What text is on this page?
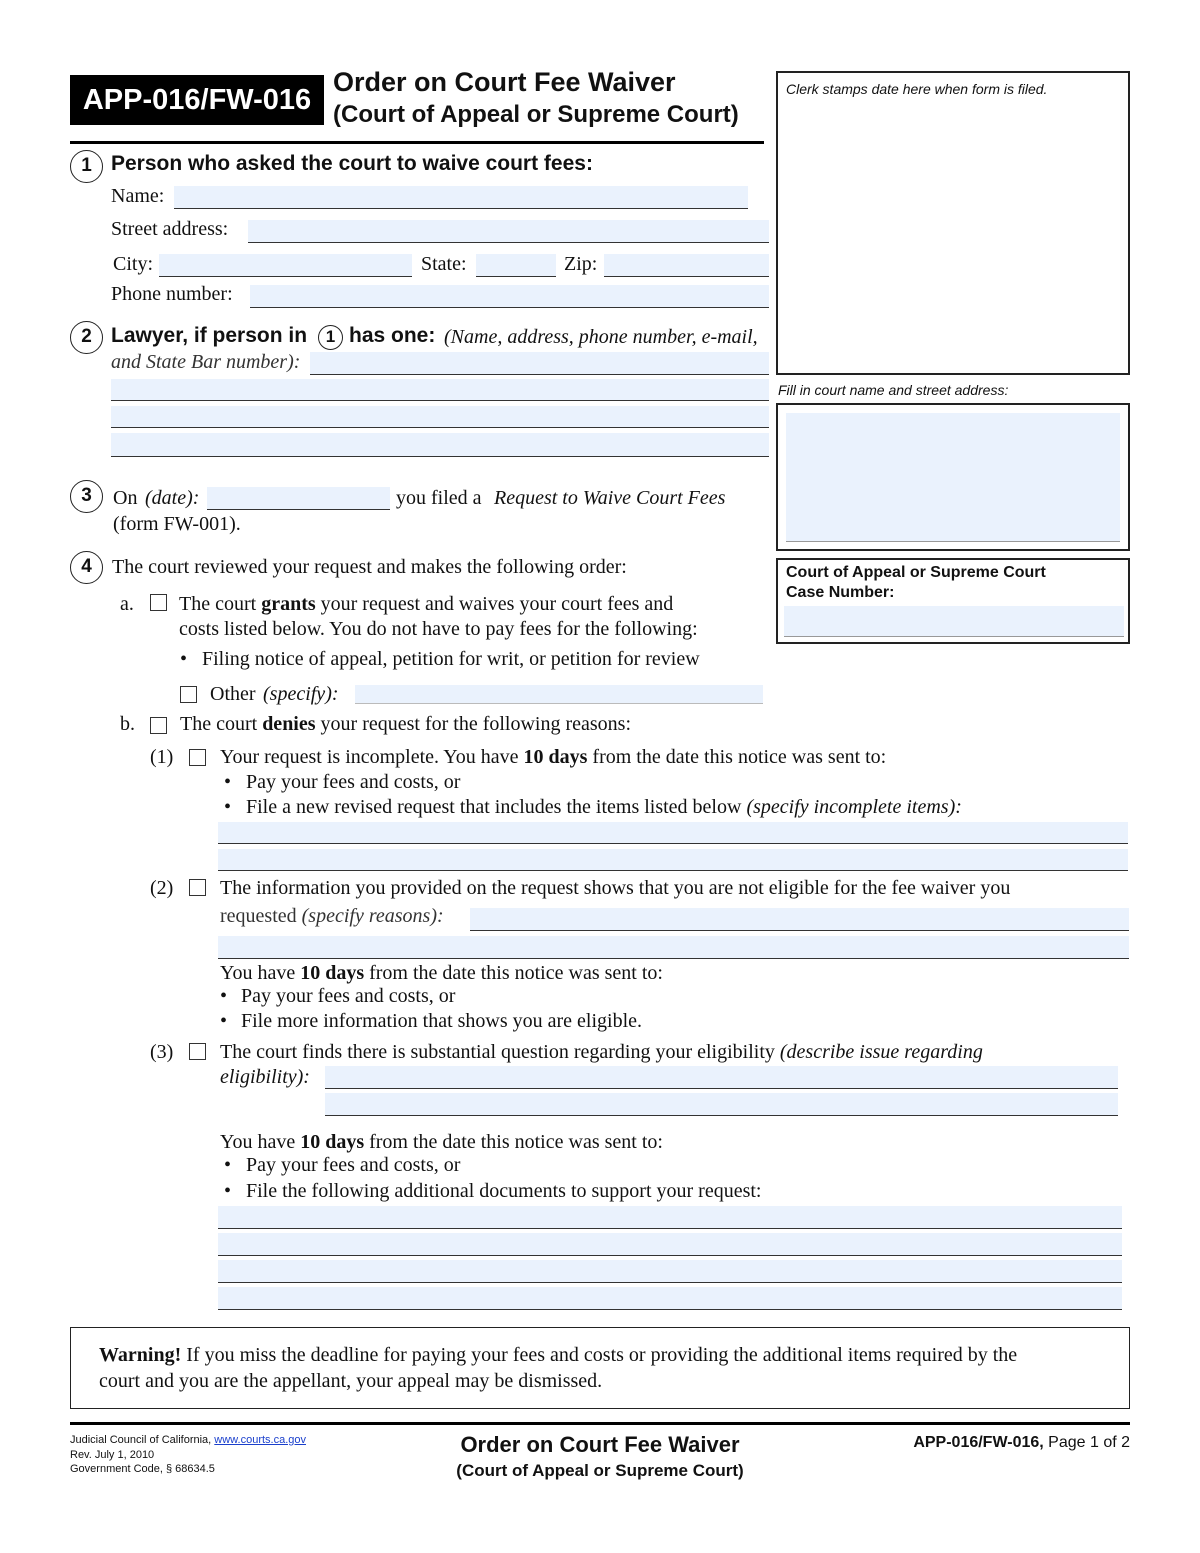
APP-016/FW-016
Order on Court Fee Waiver
(Court of Appeal or Supreme Court)
Clerk stamps date here when form is filed.
Fill in court name and street address:
Court of Appeal or Supreme Court
Case Number:
1 Person who asked the court to waive court fees:
Name:
Street address:
City:	State:	Zip:
Phone number:
2 Lawyer, if person in	1 has one: (Name, address, phone number, e-mail,
and State Bar number):
3	On (date):	you filed a Request to Waive Court Fees
(form FW-001).
4	The court reviewed your request and makes the following order:
a. The court grants your request and waives your court fees and
costs listed below. You do not have to pay fees for the following:
• Filing notice of appeal, petition for writ, or petition for review
Other (specify):
b. The court denies your request for the following reasons:
(1) Your request is incomplete. You have 10 days from the date this notice was sent to:
• Pay your fees and costs, or
• File a new revised request that includes the items listed below (specify incomplete items):
(2) The information you provided on the request shows that you are not eligible for the fee waiver you
requested (specify reasons):
You have 10 days from the date this notice was sent to:
• Pay your fees and costs, or
• File more information that shows you are eligible.
(3) The court finds there is substantial question regarding your eligibility (describe issue regarding
eligibility):
You have 10 days from the date this notice was sent to:
• Pay your fees and costs, or
• File the following additional documents to support your request:
Warning! If you miss the deadline for paying your fees and costs or providing the additional items required by the
court and you are the appellant, your appeal may be dismissed.
Judicial Council of California, www.courts.ca.gov
Rev. July 1, 2010
Government Code, § 68634.5
Order on Court Fee Waiver
(Court of Appeal or Supreme Court)
APP-016/FW-016, Page 1 of 2
